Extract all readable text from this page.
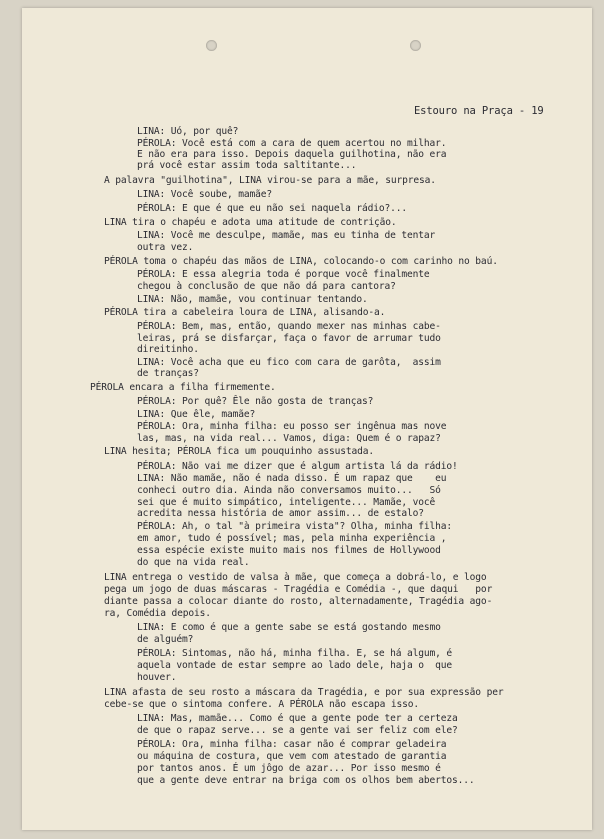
Estouro na Praça - 19

LINA: Uó, por quê?

PÉROLA: Você está com a cara de quem acertou no milhar.

E não era para isso. Depois daquela guilhotina, não era

prá você estar assim toda saltitante...

A palavra "guilhotina", LINA virou-se para a mãe, surpresa.

LINA: Você soube, mamãe?

PÉROLA: E que é que eu não sei naquela rádio?...

LINA tira o chapéu e adota uma atitude de contrição.

LINA: Você me desculpe, mamãe, mas eu tinha de tentar

outra vez.

PÉROLA toma o chapéu das mãos de LINA, colocando-o com carinho no baú.

PÉROLA: E essa alegria toda é porque você finalmente

chegou à conclusão de que não dá para cantora?

LINA: Não, mamãe, vou continuar tentando.

PÉROLA tira a cabeleira loura de LINA, alisando-a.

PÉROLA: Bem, mas, então, quando mexer nas minhas cabe-

leiras, prá se disfarçar, faça o favor de arrumar tudo

direitinho.

LINA: Você acha que eu fico com cara de garôta,  assim

de tranças?

PÉROLA encara a filha firmemente.

PÉROLA: Por quê? Êle não gosta de tranças?

LINA: Que êle, mamãe?

PÉROLA: Ora, minha filha: eu posso ser ingênua mas nove

las, mas, na vida real... Vamos, diga: Quem é o rapaz?

LINA hesita; PÉROLA fica um pouquinho assustada.

PÉROLA: Não vai me dizer que é algum artista lá da rádio!

LINA: Não mamãe, não é nada disso. É um rapaz que    eu

conheci outro dia. Ainda não conversamos muito...   Só

sei que é muito simpático, inteligente... Mamãe, você

acredita nessa história de amor assim... de estalo?

PÉROLA: Ah, o tal "à primeira vista"? Olha, minha filha:

em amor, tudo é possível; mas, pela minha experiência ,

essa espécie existe muito mais nos filmes de Hollywood

do que na vida real.

LINA entrega o vestido de valsa à mãe, que começa a dobrá-lo, e logo

pega um jogo de duas máscaras - Tragédia e Comédia -, que daqui   por

diante passa a colocar diante do rosto, alternadamente, Tragédia ago-

ra, Comédia depois.

LINA: E como é que a gente sabe se está gostando mesmo

de alguém?

PÉROLA: Sintomas, não há, minha filha. E, se há algum, é

aquela vontade de estar sempre ao lado dele, haja o  que

houver.

LINA afasta de seu rosto a máscara da Tragédia, e por sua expressão per

cebe-se que o sintoma confere. A PÉROLA não escapa isso.

LINA: Mas, mamãe... Como é que a gente pode ter a certeza

de que o rapaz serve... se a gente vai ser feliz com ele?

PÉROLA: Ora, minha filha: casar não é comprar geladeira

ou máquina de costura, que vem com atestado de garantia

por tantos anos. É um jôgo de azar... Por isso mesmo é

que a gente deve entrar na briga com os olhos bem abertos...
